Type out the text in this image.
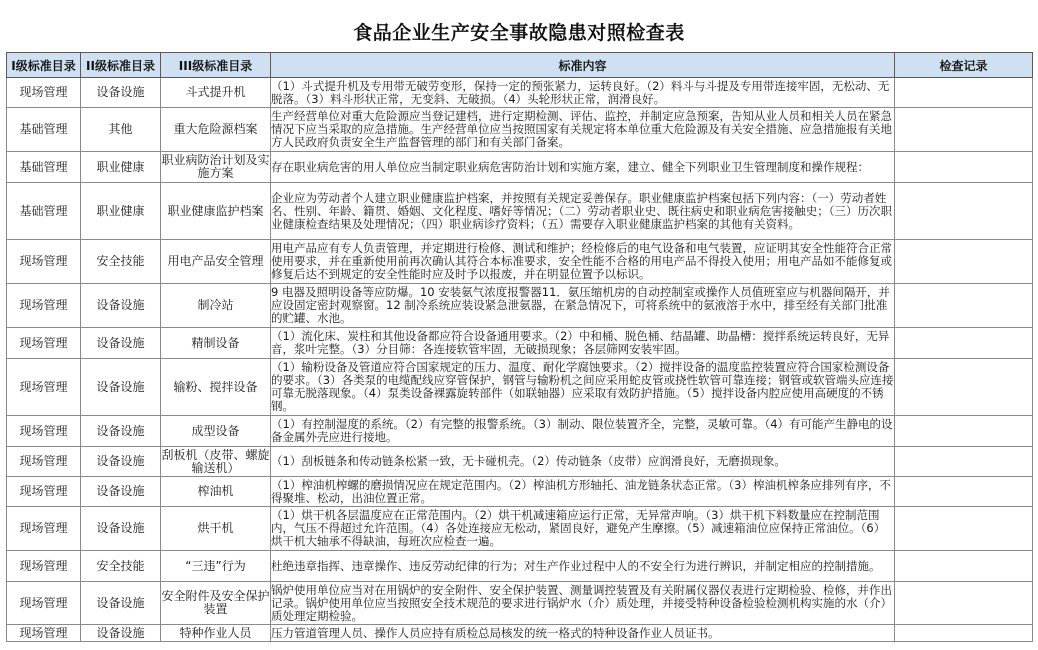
食品企业生产安全事故隐患对照检查表
I级标准目录	II级标准目录	III级标准目录	标准内容	检查记录
现场管理	设备设施	斗式提升机	（1）斗式提升机及专用带无破劳变形，保持一定的预张紧力，运转良好。（2）料斗与斗提及专用带连接牢固，无松动、无脱落。（3）料斗形状正常，无变斜、无破损。（4）头轮形状正常，润滑良好。	

基础管理	其他	重大危险源档案	生产经营单位对重大危险源应当登记建档，进行定期检测、评估、监控，并制定应急预案，告知从业人员和相关人员在紧急情况下应当采取的应急措施。生产经营单位应当按照国家有关规定将本单位重大危险源及有关安全措施、应急措施报有关地方人民政府负责安全生产监督管理的部门和有关部门备案。	

基础管理	职业健康	职业病防治计划及实施方案	存在职业病危害的用人单位应当制定职业病危害防治计划和实施方案，建立、健全下列职业卫生管理制度和操作规程：	

基础管理	职业健康	职业健康监护档案	企业应为劳动者个人建立职业健康监护档案，并按照有关规定妥善保存。职业健康监护档案包括下列内容：（一）劳动者姓名、性别、年龄、籍贯、婚姻、文化程度、嗜好等情况；（二）劳动者职业史、既往病史和职业病危害接触史；（三）历次职业健康检查结果及处理情况；（四）职业病诊疗资料；（五）需要存入职业健康监护档案的其他有关资料。	

现场管理	安全技能	用电产品安全管理	用电产品应有专人负责管理，并定期进行检修、测试和维护；经检修后的电气设备和电气装置，应证明其安全性能符合正常使用要求，并在重新使用前再次确认其符合本标准要求，安全性能不合格的用电产品不得投入使用；用电产品如不能修复或修复后达不到规定的安全性能时应及时予以报废，并在明显位置予以标识。	

现场管理	设备设施	制冷站	9 电器及照明设备等应防爆。10 安装氨气浓度报警器11．氨压缩机房的自动控制室或操作人员值班室应与机器间隔开，并应设固定密封观察窗。12 制冷系统应装设紧急泄氨器，在紧急情况下，可将系统中的氨液溶于水中，排至经有关部门批准的贮罐、水池。	

现场管理	设备设施	精制设备	（1）流化床、炭柱和其他设备都应符合设备通用要求。（2）中和桶、脱色桶、结晶罐、助晶槽：搅拌系统运转良好，无异音，浆叶完整。（3）分目筛：各连接软管牢固，无破损现象；各层筛网安装牢固。	

现场管理	设备设施	输粉、搅拌设备	（1）输粉设备及管道应符合国家规定的压力、温度、耐化学腐蚀要求。（2）搅拌设备的温度监控装置应符合国家检测设备的要求。（3）各类泵的电缆配线应穿管保护，钢管与输粉机之间应采用蛇皮管或挠性软管可靠连接；钢管或软管端头应连接可靠无脱落现象。（4）泵类设备裸露旋转部件（如联轴器）应采取有效防护措施。（5）搅拌设备内腔应使用高硬度的不锈钢。	

现场管理	设备设施	成型设备	（1）有控制湿度的系统。（2）有完整的报警系统。（3）制动、限位装置齐全，完整，灵敏可靠。（4）有可能产生静电的设备金属外壳应进行接地。	

现场管理	设备设施	刮板机（皮带、螺旋输送机）	（1）刮板链条和传动链条松紧一致，无卡碰机壳。（2）传动链条（皮带）应润滑良好，无磨损现象。	

现场管理	设备设施	榨油机	（1）榨油机榨螺的磨损情况应在规定范围内。（2）榨油机方形轴托、油龙链条状态正常。（3）榨油机榨条应排列有序，不得聚堆、松动，出油位置正常。	

现场管理	设备设施	烘干机	（1）烘干机各层温度应在正常范围内。（2）烘干机减速箱应运行正常，无异常声响。（3）烘干机下料数量应在控制范围内，气压不得超过允许范围。（4）各处连接应无松动，紧固良好，避免产生摩擦。（5）减速箱油位应保持正常油位。（6）烘干机大轴承不得缺油，每班次应检查一遍。	

现场管理	安全技能	“三违”行为	杜绝违章指挥、违章操作、违反劳动纪律的行为；对生产作业过程中人的不安全行为进行辨识，并制定相应的控制措施。	

现场管理	设备设施	安全附件及安全保护装置	锅炉使用单位应当对在用锅炉的安全附件、安全保护装置、测量调控装置及有关附属仪器仪表进行定期检验、检修，并作出记录。锅炉使用单位应当按照安全技术规范的要求进行锅炉水（介）质处理，并接受特种设备检验检测机构实施的水（介）质处理定期检验。	

现场管理	设备设施	特种作业人员	压力管道管理人员、操作人员应持有质检总局核发的统一格式的特种设备作业人员证书。	
